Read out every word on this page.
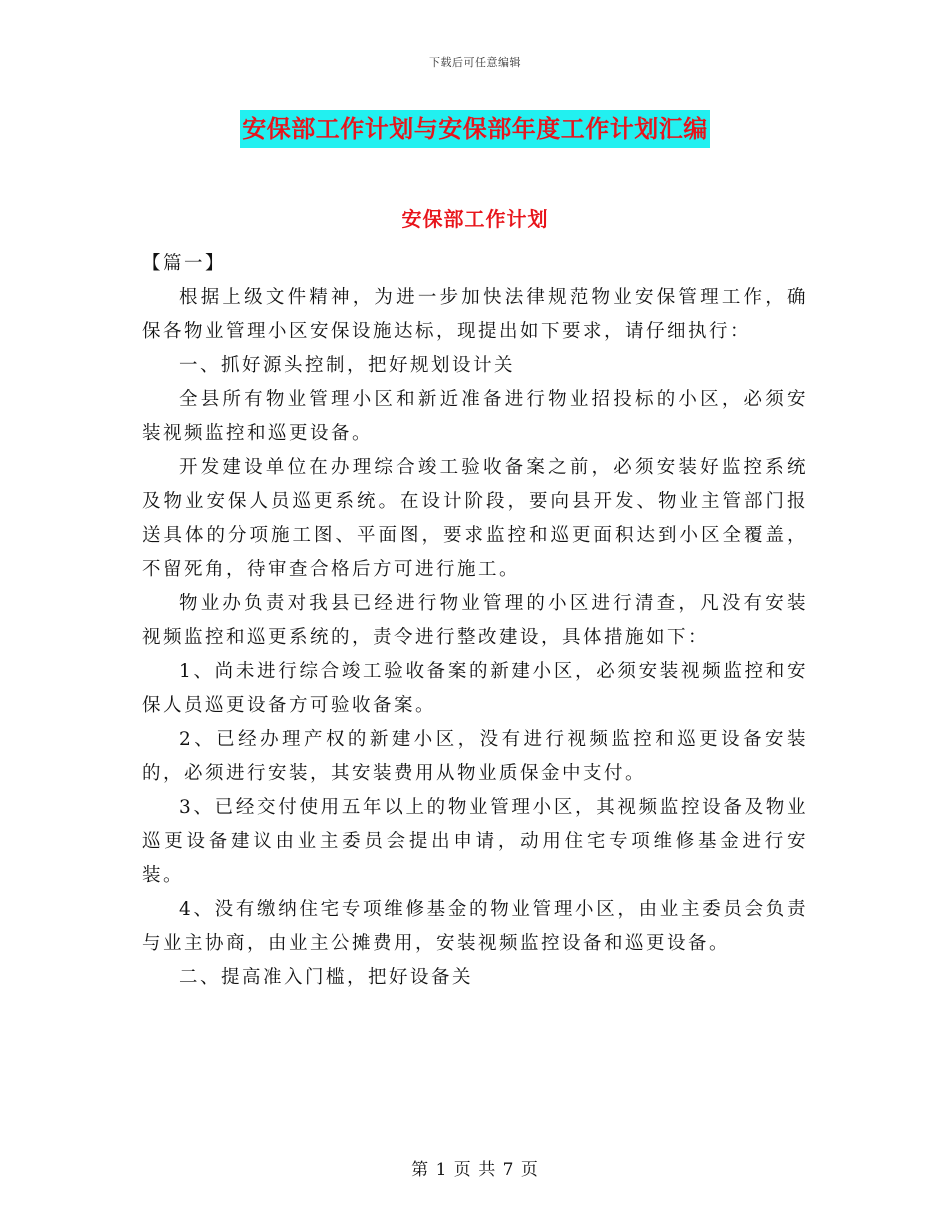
下载后可任意编辑
安保部工作计划与安保部年度工作计划汇编
安保部工作计划

【篇一】

根据上级文件精神，为进一步加快法律规范物业安保管理工作，确保各物业管理小区安保设施达标，现提出如下要求，请仔细执行：

一、抓好源头控制，把好规划设计关

全县所有物业管理小区和新近准备进行物业招投标的小区，必须安装视频监控和巡更设备。

开发建设单位在办理综合竣工验收备案之前，必须安装好监控系统及物业安保人员巡更系统。在设计阶段，要向县开发、物业主管部门报送具体的分项施工图、平面图，要求监控和巡更面积达到小区全覆盖，不留死角，待审查合格后方可进行施工。

物业办负责对我县已经进行物业管理的小区进行清查，凡没有安装视频监控和巡更系统的，责令进行整改建设，具体措施如下：

1、尚未进行综合竣工验收备案的新建小区，必须安装视频监控和安保人员巡更设备方可验收备案。

2、已经办理产权的新建小区，没有进行视频监控和巡更设备安装的，必须进行安装，其安装费用从物业质保金中支付。

3、已经交付使用五年以上的物业管理小区，其视频监控设备及物业巡更设备建议由业主委员会提出申请，动用住宅专项维修基金进行安装。

4、没有缴纳住宅专项维修基金的物业管理小区，由业主委员会负责与业主协商，由业主公摊费用，安装视频监控设备和巡更设备。

二、提高准入门槛，把好设备关

第 1 页 共 7 页
